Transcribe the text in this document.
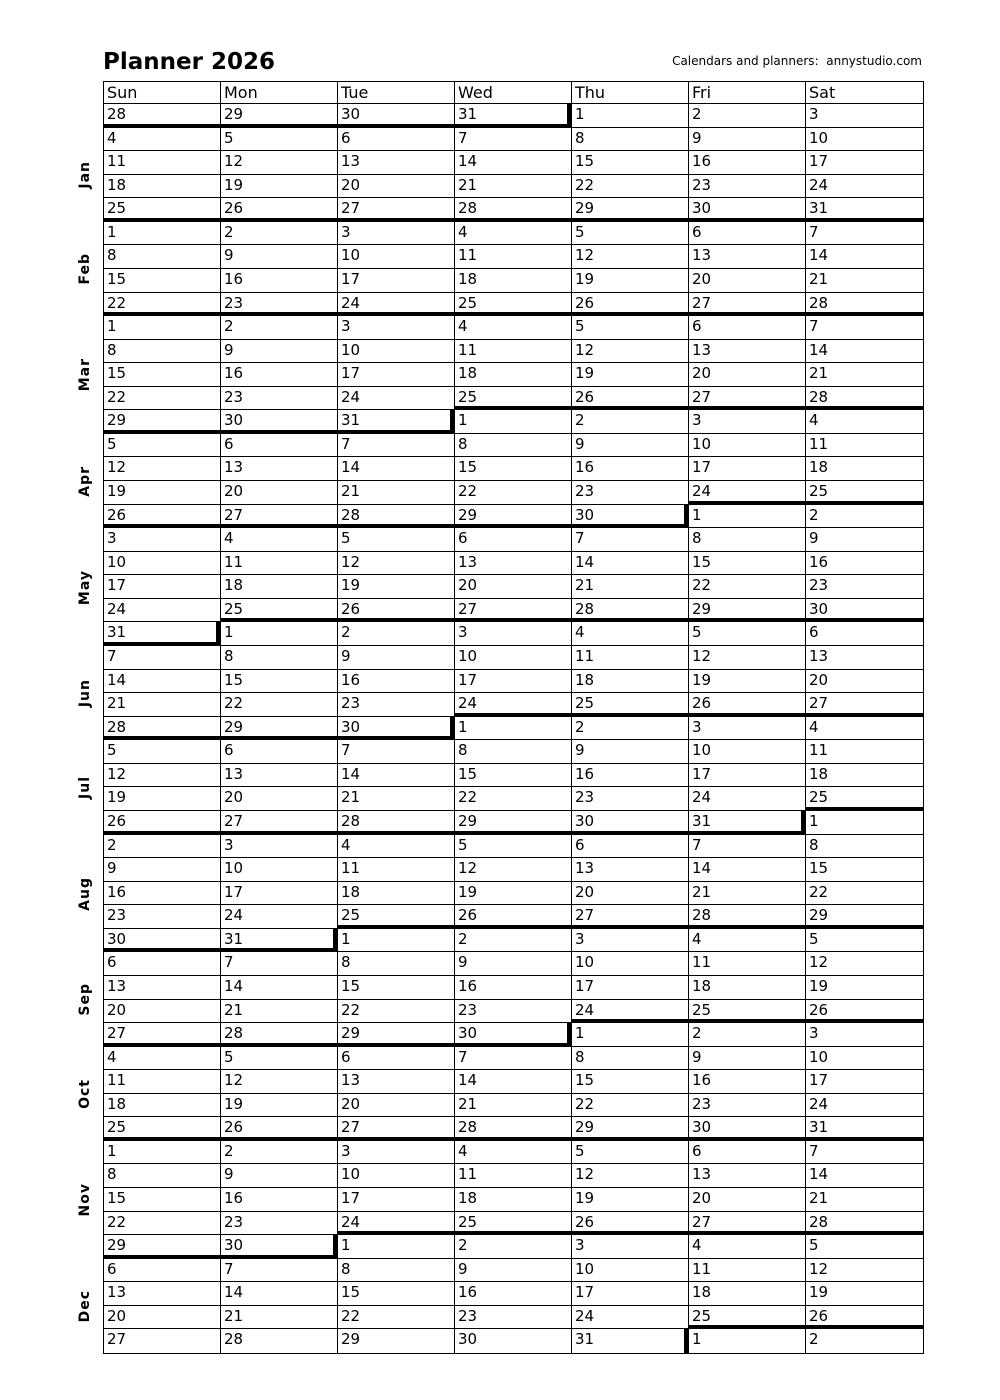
Planner 2026	Calendars and planners:  annystudio.com
Sun	Mon	Tue	Wed	Thu	Fri	Sat
28	29	30	31	1	2	3
4	5	6	7	8	9	10
11	12	13	14	15	16	17
18	19	20	21	22	23	24
25	26	27	28	29	30	31
1	2	3	4	5	6	7
8	9	10	11	12	13	14
15	16	17	18	19	20	21
22	23	24	25	26	27	28
1	2	3	4	5	6	7
8	9	10	11	12	13	14
15	16	17	18	19	20	21
22	23	24	25	26	27	28
29	30	31	1	2	3	4
5	6	7	8	9	10	11
12	13	14	15	16	17	18
19	20	21	22	23	24	25
26	27	28	29	30	1	2
3	4	5	6	7	8	9
10	11	12	13	14	15	16
17	18	19	20	21	22	23
24	25	26	27	28	29	30
31	1	2	3	4	5	6
7	8	9	10	11	12	13
14	15	16	17	18	19	20
21	22	23	24	25	26	27
28	29	30	1	2	3	4
5	6	7	8	9	10	11
12	13	14	15	16	17	18
19	20	21	22	23	24	25
26	27	28	29	30	31	1
2	3	4	5	6	7	8
9	10	11	12	13	14	15
16	17	18	19	20	21	22
23	24	25	26	27	28	29
30	31	1	2	3	4	5
6	7	8	9	10	11	12
13	14	15	16	17	18	19
20	21	22	23	24	25	26
27	28	29	30	1	2	3
4	5	6	7	8	9	10
11	12	13	14	15	16	17
18	19	20	21	22	23	24
25	26	27	28	29	30	31
1	2	3	4	5	6	7
8	9	10	11	12	13	14
15	16	17	18	19	20	21
22	23	24	25	26	27	28
29	30	1	2	3	4	5
6	7	8	9	10	11	12
13	14	15	16	17	18	19
20	21	22	23	24	25	26
27	28	29	30	31	1	2
Jan
Feb
Mar
Apr
May
Jun
Jul
Aug
Sep
Oct
Nov
Dec
